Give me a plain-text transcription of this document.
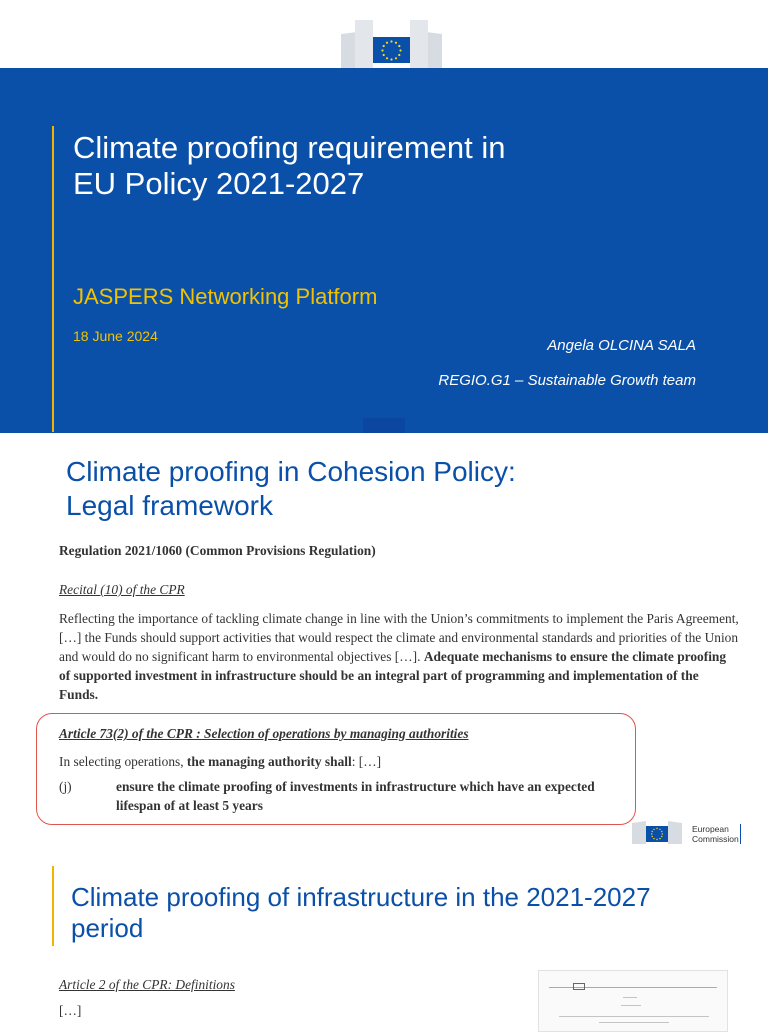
Climate proofing requirement in
EU Policy 2021-2027

JASPERS Networking Platform

18 June 2024
Angela OLCINA SALA
REGIO.G1 – Sustainable Growth team
Climate proofing in Cohesion Policy:
Legal framework
Regulation 2021/1060 (Common Provisions Regulation)
Recital (10) of the CPR

Reflecting the importance of tackling climate change in line with the Union’s commitments to implement the Paris Agreement, […] the Funds should support activities that would respect the climate and environmental standards and priorities of the Union and would do no significant harm to environmental objectives […]. Adequate mechanisms to ensure the climate proofing of supported investment in infrastructure should be an integral part of programming and implementation of the Funds.

Article 73(2) of the CPR : Selection of operations by managing authorities
In selecting operations, the managing authority shall: […]
(j)	ensure the climate proofing of investments in infrastructure which have an expected lifespan of at least 5 years

European
Commission
Climate proofing of infrastructure in the 2021-2027
period
Article 2 of the CPR: Definitions
[…]
